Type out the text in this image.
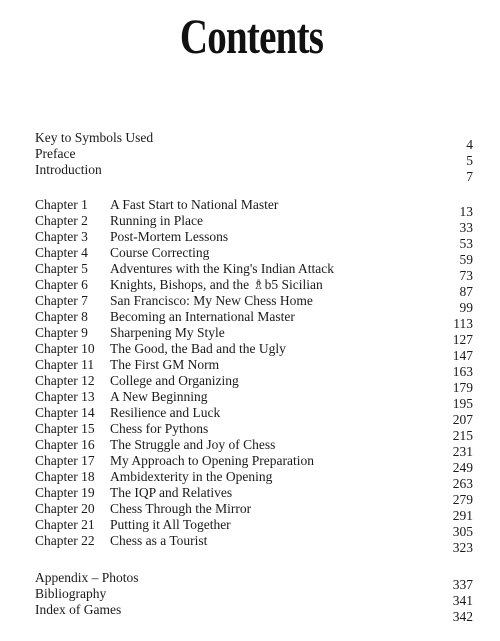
Contents
Key to Symbols Used	4
Preface	5
Introduction	7
Chapter 1 A Fast Start to National Master	13
Chapter 2 Running in Place	33
Chapter 3 Post-Mortem Lessons	53
Chapter 4 Course Correcting	59
Chapter 5 Adventures with the King's Indian Attack	73
Chapter 6 Knights, Bishops, and the ♗b5 Sicilian	87
Chapter 7 San Francisco: My New Chess Home	99
Chapter 8 Becoming an International Master	113
Chapter 9 Sharpening My Style	127
Chapter 10 The Good, the Bad and the Ugly	147
Chapter 11 The First GM Norm	163
Chapter 12 College and Organizing	179
Chapter 13 A New Beginning	195
Chapter 14 Resilience and Luck	207
Chapter 15 Chess for Pythons	215
Chapter 16 The Struggle and Joy of Chess	231
Chapter 17 My Approach to Opening Preparation	249
Chapter 18 Ambidexterity in the Opening	263
Chapter 19 The IQP and Relatives	279
Chapter 20 Chess Through the Mirror	291
Chapter 21 Putting it All Together	305
Chapter 22 Chess as a Tourist	323
Appendix – Photos	337
Bibliography	341
Index of Games	342
